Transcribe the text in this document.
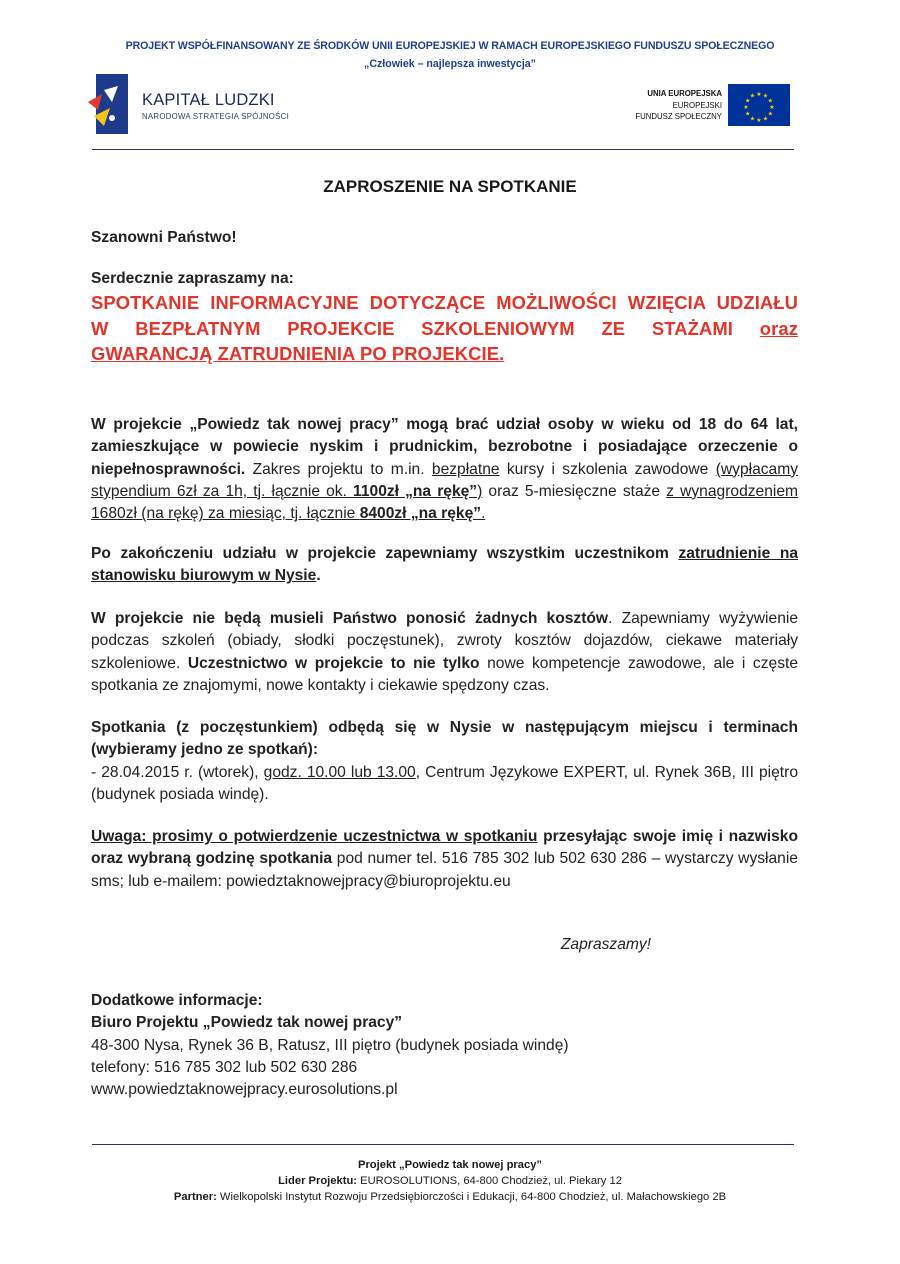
PROJEKT WSPÓŁFINANSOWANY ZE ŚRODKÓW UNII EUROPEJSKIEJ W RAMACH EUROPEJSKIEGO FUNDUSZU SPOŁECZNEGO
„Człowiek – najlepsza inwestycja”
KAPITAŁ LUDZKI
NARODOWA STRATEGIA SPÓJNOŚCI
UNIA EUROPEJSKA
EUROPEJSKI
FUNDUSZ SPOŁECZNY
★ ★
★
★
★
★
★
★
★
★
★
★
ZAPROSZENIE NA SPOTKANIE
Szanowni Państwo!
Serdecznie zapraszamy na:
SPOTKANIE INFORMACYJNE DOTYCZĄCE MOŻLIWOŚCI WZIĘCIA UDZIAŁU
W BEZPŁATNYM PROJEKCIE SZKOLENIOWYM ZE STAŻAMI oraz
GWARANCJĄ ZATRUDNIENIA PO PROJEKCIE.
W projekcie „Powiedz tak nowej pracy” mogą brać udział osoby w wieku od 18 do 64 lat, zamieszkujące w powiecie nyskim i prudnickim, bezrobotne i posiadające orzeczenie o niepełnosprawności. Zakres projektu to m.in. bezpłatne kursy i szkolenia zawodowe (wypłacamy stypendium 6zł za 1h, tj. łącznie ok. 1100zł „na rękę”) oraz 5-miesięczne staże z wynagrodzeniem 1680zł (na rękę) za miesiąc, tj. łącznie 8400zł „na rękę”.
Po zakończeniu udziału w projekcie zapewniamy wszystkim uczestnikom zatrudnienie na stanowisku biurowym w Nysie.
W projekcie nie będą musieli Państwo ponosić żadnych kosztów. Zapewniamy wyżywienie podczas szkoleń (obiady, słodki poczęstunek), zwroty kosztów dojazdów, ciekawe materiały szkoleniowe. Uczestnictwo w projekcie to nie tylko nowe kompetencje zawodowe, ale i częste spotkania ze znajomymi, nowe kontakty i ciekawie spędzony czas.
Spotkania (z poczęstunkiem) odbędą się w Nysie w następującym miejscu i terminach (wybieramy jedno ze spotkań):
- 28.04.2015 r. (wtorek), godz. 10.00 lub 13.00, Centrum Językowe EXPERT, ul. Rynek 36B, III piętro (budynek posiada windę).
Uwaga: prosimy o potwierdzenie uczestnictwa w spotkaniu przesyłając swoje imię i nazwisko oraz wybraną godzinę spotkania pod numer tel. 516 785 302 lub 502 630 286 – wystarczy wysłanie sms; lub e-mailem: powiedztaknowejpracy@biuroprojektu.eu
Zapraszamy!
Dodatkowe informacje:
Biuro Projektu „Powiedz tak nowej pracy”
48-300 Nysa, Rynek 36 B, Ratusz, III piętro (budynek posiada windę)
telefony: 516 785 302 lub 502 630 286
www.powiedztaknowejpracy.eurosolutions.pl
Projekt „Powiedz tak nowej pracy”
Lider Projektu: EUROSOLUTIONS, 64-800 Chodzież, ul. Piekary 12
Partner: Wielkopolski Instytut Rozwoju Przedsiębiorczości i Edukacji, 64-800 Chodzież, ul. Małachowskiego 2B
